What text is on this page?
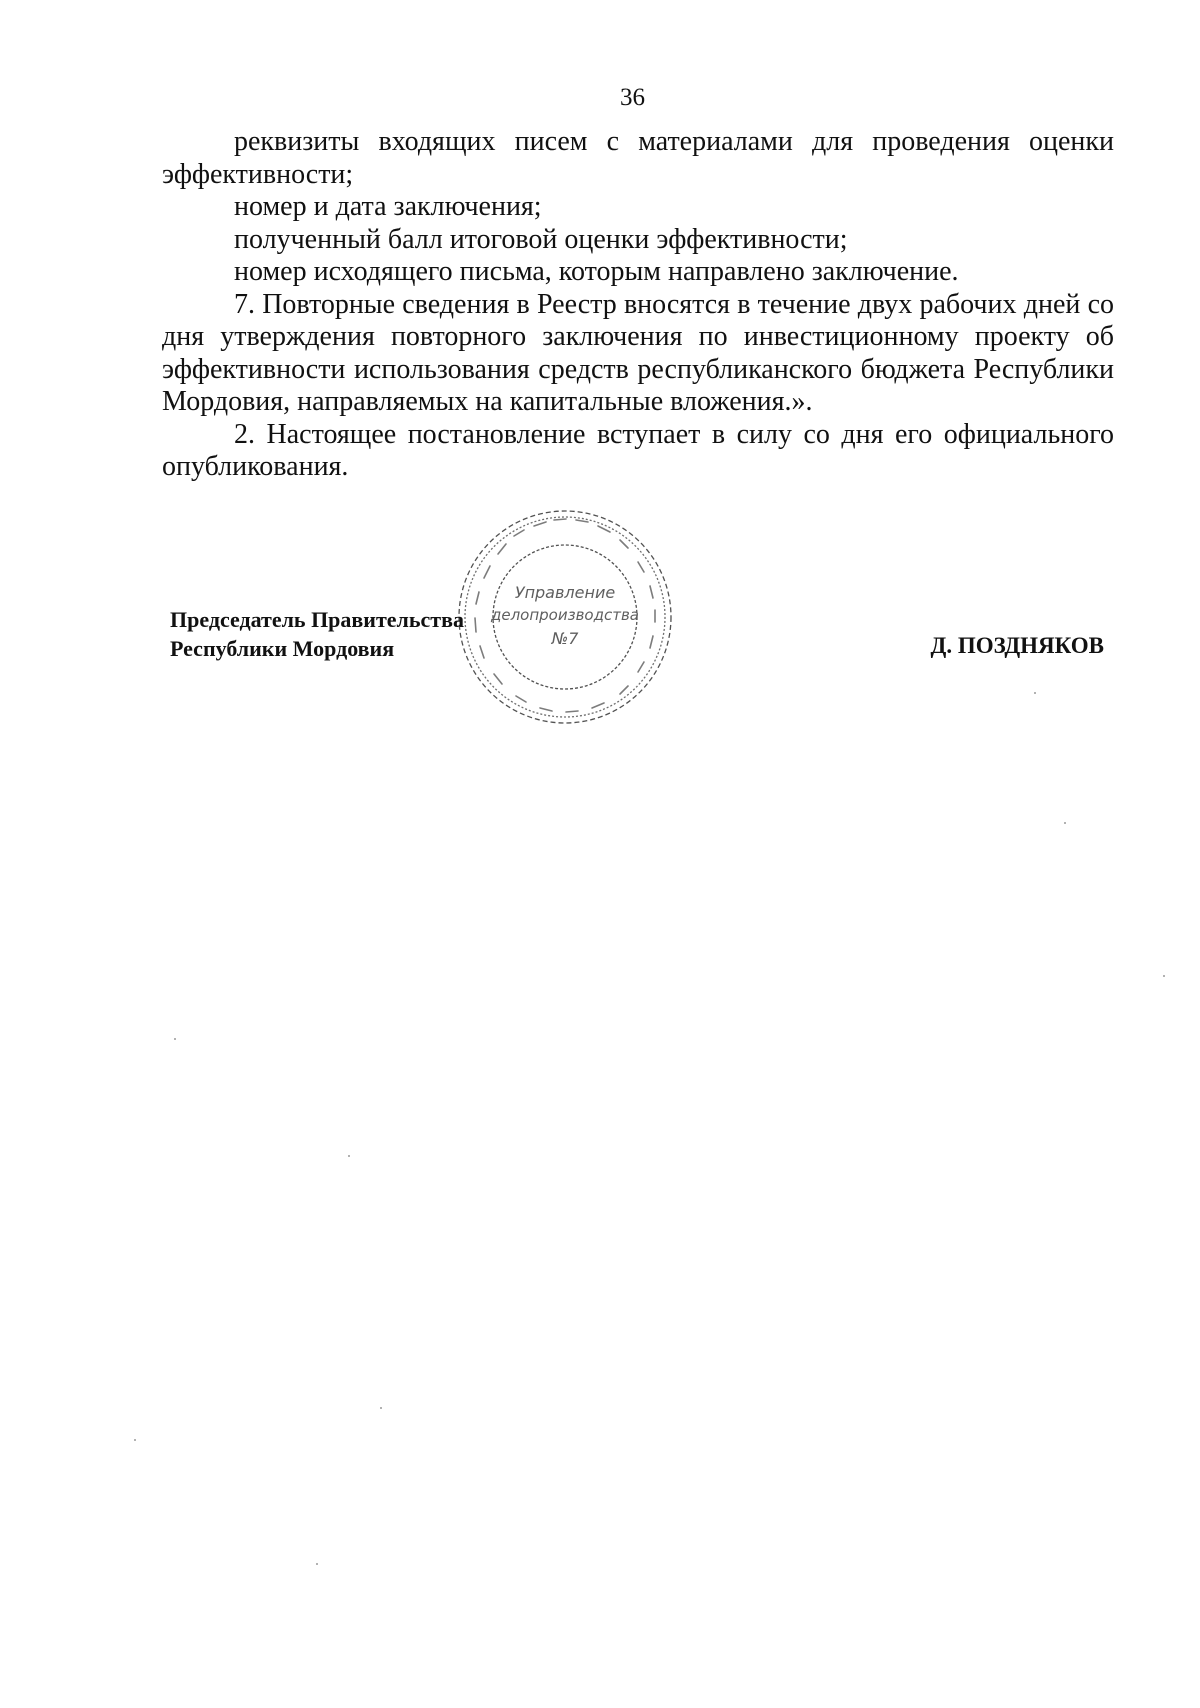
36

реквизиты входящих писем с материалами для проведения оценки эффективности;

номер и дата заключения;

полученный балл итоговой оценки эффективности;

номер исходящего письма, которым направлено заключение.

7. Повторные сведения в Реестр вносятся в течение двух рабочих дней со дня утверждения повторного заключения по инвестиционному проекту об эффективности использования средств республиканского бюджета Республики Мордовия, направляемых на капитальные вложения.».

2. Настоящее постановление вступает в силу со дня его официального опубликования.

Управление
делопроизводства
№7
Председатель Правительства
Республики Мордовия	Д. ПОЗДНЯКОВ
